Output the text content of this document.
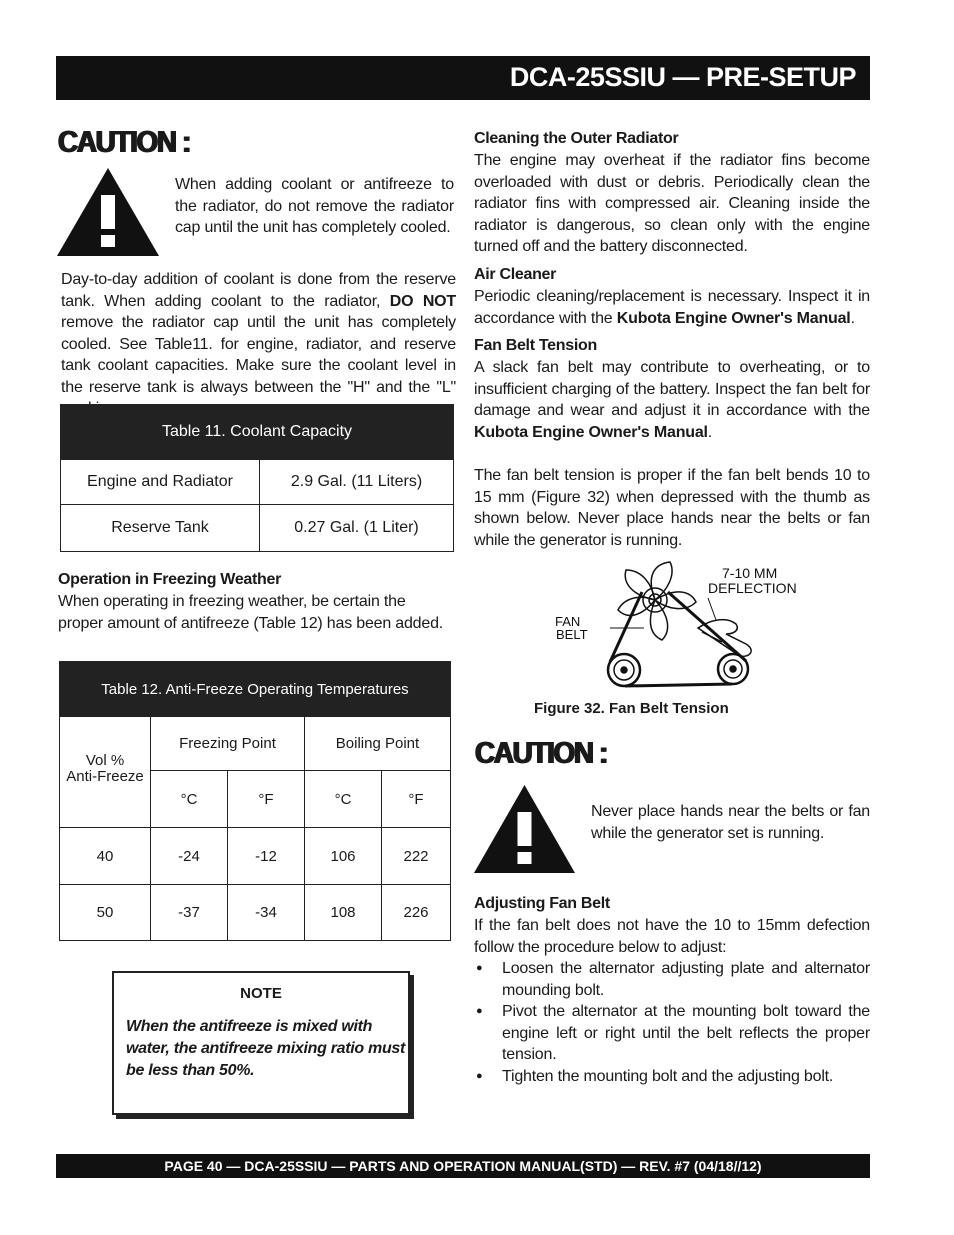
DCA-25SSIU — PRE-SETUP
CAUTION :
When adding coolant or antifreeze to the radiator, do not remove the radiator cap until the unit has completely cooled.
Day-to-day addition of coolant is done from the reserve tank. When adding coolant to the radiator, DO NOT remove the radiator cap until the unit has completely cooled. See Table11. for engine, radiator, and reserve tank coolant capacities. Make sure the coolant level in the reserve tank is always between the "H" and the "L"
Table 11. Coolant Capacity	
Engine and Radiator	2.9 Gal. (11 Liters)
Reserve Tank	0.27 Gal. (1 Liter)
Operation in Freezing Weather
When operating in freezing weather, be certain the proper amount of antifreeze (Table 12) has been added.
Table 12. Anti-Freeze Operating Temperatures				
Vol %
Anti-Freeze	Freezing Point		Boiling Point	
	°C	°F	°C	°F
40	-24	-12	106	222
50	-37	-34	108	226
NOTE
When the antifreeze is mixed with water, the antifreeze mixing ratio must be less than 50%.
Cleaning the Outer Radiator
The engine may overheat if the radiator fins become overloaded with dust or debris. Periodically clean the radiator fins with compressed air. Cleaning inside the radiator is dangerous, so clean only with the engine turned off and the battery disconnected.
Air Cleaner
Periodic cleaning/replacement is necessary. Inspect it in accordance with the Kubota Engine Owner's Manual.
Fan Belt Tension
A slack fan belt may contribute to overheating, or to insufficient charging of the battery. Inspect the fan belt for damage and wear and adjust it in accordance with the Kubota Engine Owner's Manual.
The fan belt tension is proper if the fan belt bends 10 to 15 mm (Figure 32) when depressed with the thumb as shown below. Never place hands near the belts or fan while the generator is running.
7-10 MM
DEFLECTION
FAN
BELT
Figure 32. Fan Belt Tension
CAUTION :
Never place hands near the belts or fan while the generator set is running.
Adjusting Fan Belt
If the fan belt does not have the 10 to 15mm defection follow the procedure below to adjust:
● Loosen the alternator adjusting plate and alternator mounding bolt.
● Pivot the alternator at the mounting bolt toward the engine left or right until the belt reflects the proper tension.
● Tighten the mounting bolt and the adjusting bolt.
PAGE 40 — DCA-25SSIU — PARTS AND OPERATION MANUAL(STD) — REV. #7 (04/18//12)
